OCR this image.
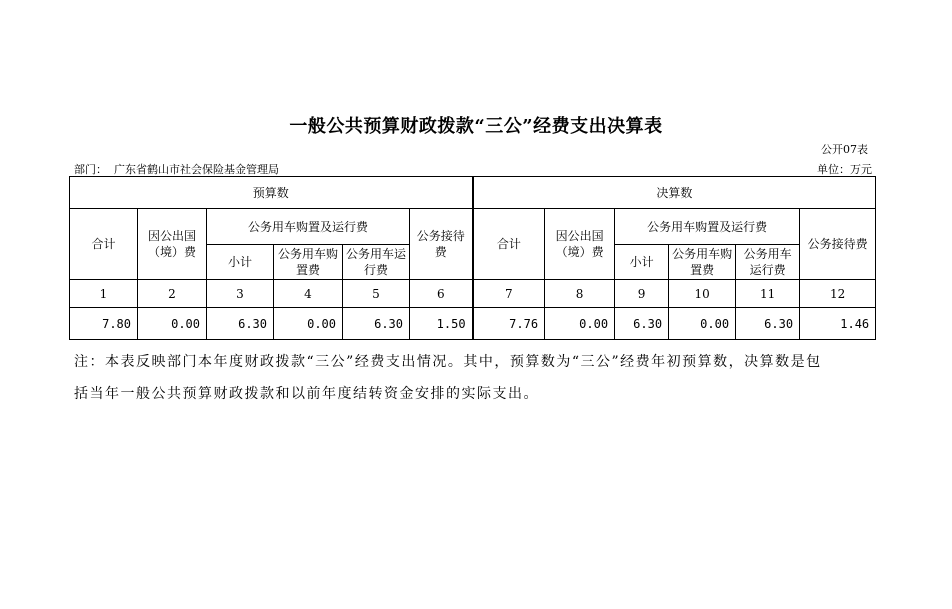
一般公共预算财政拨款“三公”经费支出决算表
公开07表
部门：  广东省鹤山市社会保险基金管理局	单位：万元
预算数						决算数					
合计	因公出国（境）费	公务用车购置及运行费			公务接待费	合计	因公出国（境）费	公务用车购置及运行费			公务接待费
		小计	公务用车购置费	公务用车运行费				小计	公务用车购置费	公务用车运行费	
1	2	3	4	5	6	7	8	9	10	11	12
7.80	0.00	6.30	0.00	6.30	1.50	7.76	0.00	6.30	0.00	6.30	1.46

注：本表反映部门本年度财政拨款“三公”经费支出情况。其中，预算数为“三公”经费年初预算数，决算数是包

括当年一般公共预算财政拨款和以前年度结转资金安排的实际支出。
